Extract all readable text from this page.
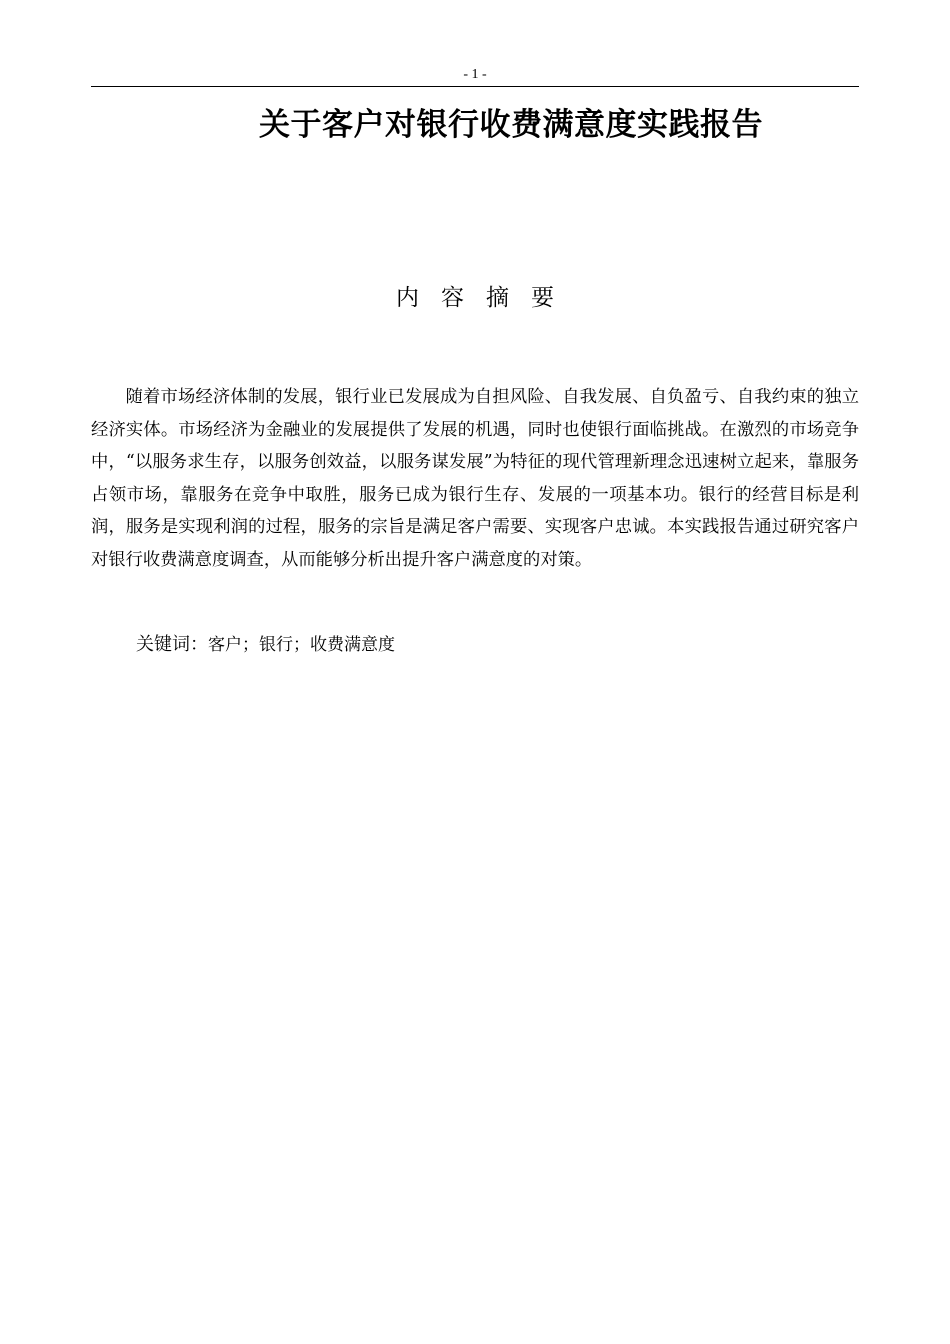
- 1 -
关于客户对银行收费满意度实践报告
内 容 摘 要

随着市场经济体制的发展，银行业已发展成为自担风险、自我发展、自负盈亏、自我约束的独立经济实体。市场经济为金融业的发展提供了发展的机遇，同时也使银行面临挑战。在激烈的市场竞争中，“以服务求生存，以服务创效益，以服务谋发展”为特征的现代管理新理念迅速树立起来，靠服务占领市场，靠服务在竞争中取胜，服务已成为银行生存、发展的一项基本功。银行的经营目标是利润，服务是实现利润的过程，服务的宗旨是满足客户需要、实现客户忠诚。本实践报告通过研究客户对银行收费满意度调查，从而能够分析出提升客户满意度的对策。

关键词：客户；银行；收费满意度
